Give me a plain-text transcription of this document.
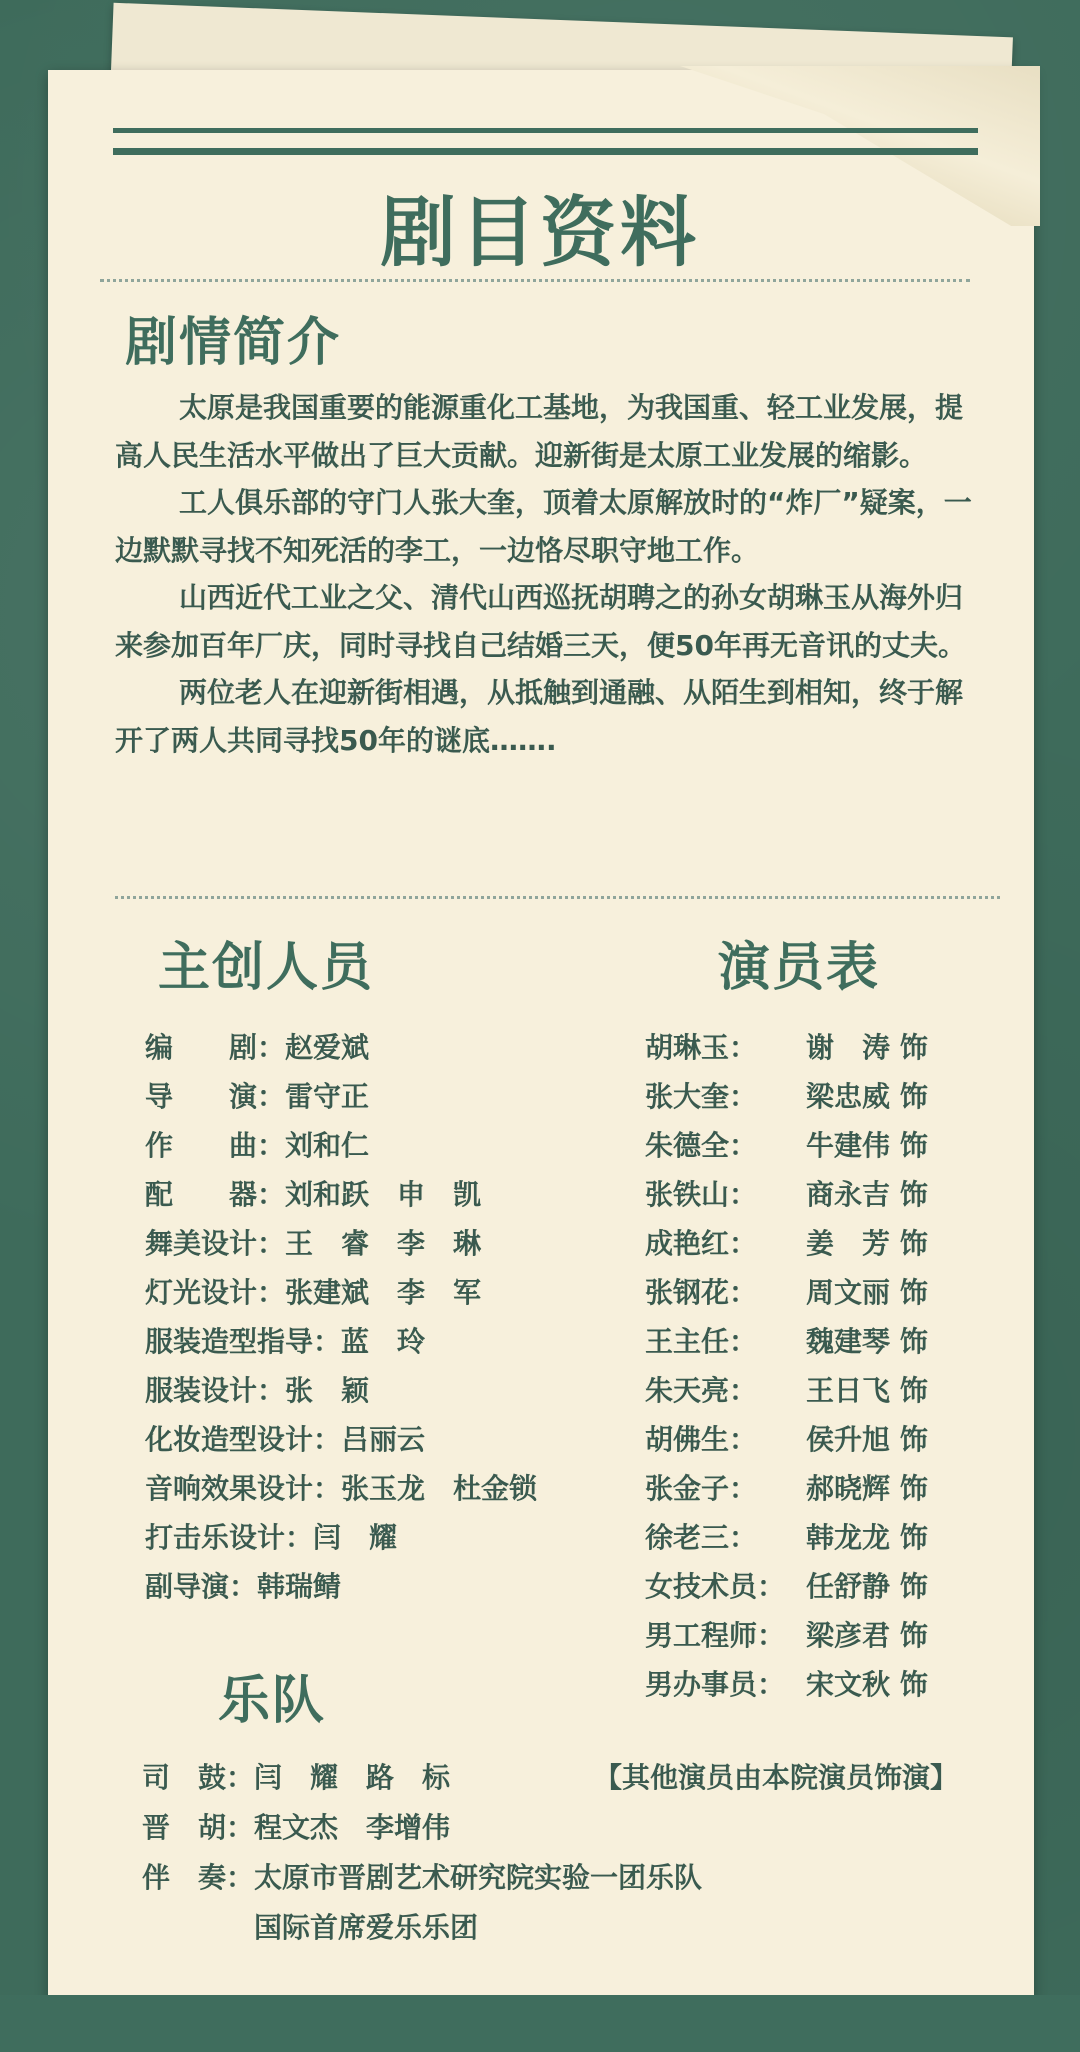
剧目资料
剧情简介

太原是我国重要的能源重化工基地，为我国重、轻工业发展，提高人民生活水平做出了巨大贡献。迎新街是太原工业发展的缩影。

工人俱乐部的守门人张大奎，顶着太原解放时的“炸厂”疑案，一边默默寻找不知死活的李工，一边恪尽职守地工作。

山西近代工业之父、清代山西巡抚胡聘之的孙女胡琳玉从海外归来参加百年厂庆，同时寻找自己结婚三天，便50年再无音讯的丈夫。

两位老人在迎新街相遇，从抵触到通融、从陌生到相知，终于解开了两人共同寻找50年的谜底…….

主创人员	演员表
编　　剧：赵爱斌
导　　演：雷守正
作　　曲：刘和仁
配　　器：刘和跃　申　凯
舞美设计：王　睿　李　琳
灯光设计：张建斌　李　军
服装造型指导：蓝　玲
服装设计：张　颖
化妆造型设计：吕丽云
音响效果设计：张玉龙　杜金锁
打击乐设计：闫　耀
副导演：韩瑞鲭
胡琳玉： 谢　涛 饰
张大奎： 梁忠威 饰
朱德全： 牛建伟 饰
张铁山： 商永吉 饰
成艳红： 姜　芳 饰
张钢花： 周文丽 饰
王主任： 魏建琴 饰
朱天亮： 王日飞 饰
胡佛生： 侯升旭 饰
张金子： 郝晓辉 饰
徐老三： 韩龙龙 饰
女技术员： 任舒静 饰
男工程师： 梁彦君 饰
男办事员： 宋文秋 饰
乐队
司　鼓：闫　耀　路　标
晋　胡：程文杰　李增伟
伴　奏：太原市晋剧艺术研究院实验一团乐队
　　　　国际首席爱乐乐团
【其他演员由本院演员饰演】
